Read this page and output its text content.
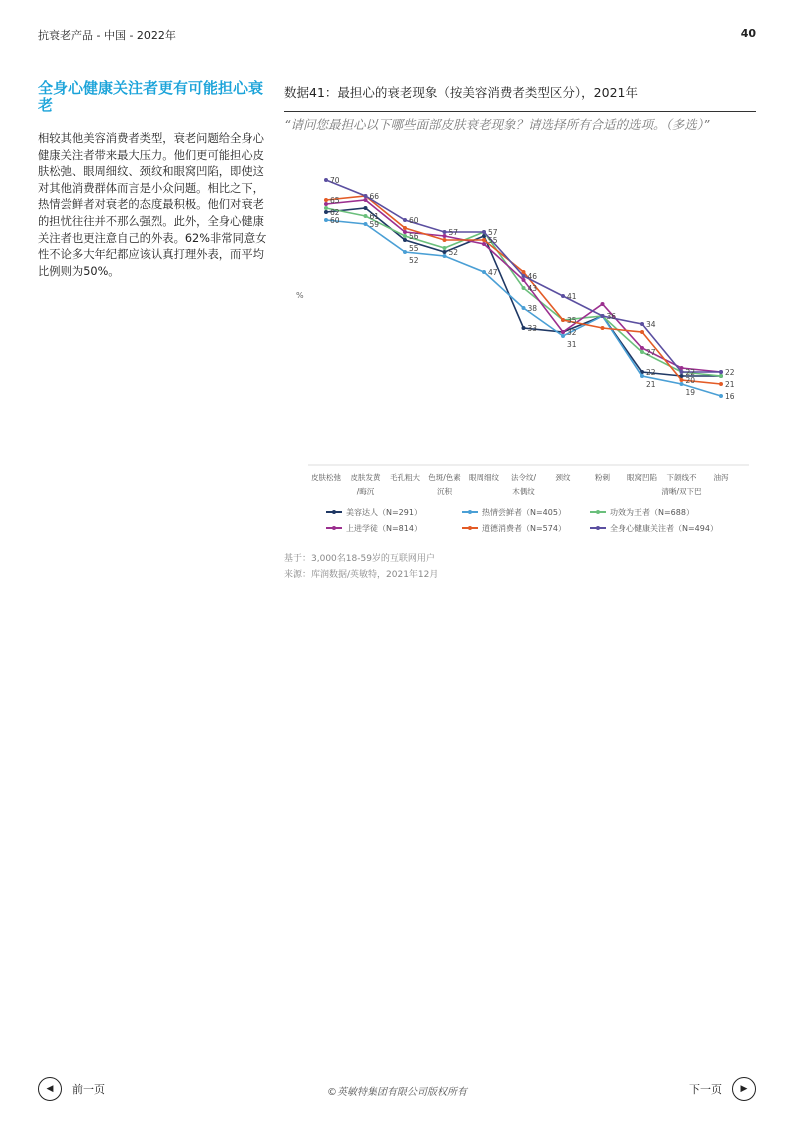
抗衰老产品 - 中国 - 2022年	40
全身心健康关注者更有可能担心衰老
相较其他美容消费者类型，衰老问题给全身心健康关注者带来最大压力。他们更可能担心皮肤松弛、眼周细纹、颈纹和眼窝凹陷，即使这对其他消费群体而言是小众问题。相比之下，热情尝鲜者对衰老的态度最积极。他们对衰老的担忧往往并不那么强烈。此外，全身心健康关注者也更注意自己的外表。62%非常同意女性不论多大年纪都应该认真打理外表，而平均比例则为50%。
数据41：最担心的衰老现象（按美容消费者类型区分），2021年
“请问您最担心以下哪些面部皮肤衰老现象？请选择所有合适的选项。（多选）”
%
70
65
62
60
66
61
59	60
56
55
52
57
52
57
55
47	46
43
38
33
41
35
32
31
36
34
27
22
21
22
20
19
22
21
16
皮肤松弛 皮肤发黄
/晦沉
毛孔粗大 色斑/色素
沉积
眼周细纹 法令纹/
木偶纹
颈纹	粉刺 眼窝凹陷 下颌线不
清晰/双下巴
油泻
美容达人（N=291）	热情尝鲜者（N=405）	功效为王者（N=688）
上进学徒（N=814）	道德消费者（N=574）	全身心健康关注者（N=494）
基于：3,000名18-59岁的互联网用户
来源：库润数据/英敏特，2021年12月
◀	前一页	©英敏特集团有限公司版权所有	下一页	▶
